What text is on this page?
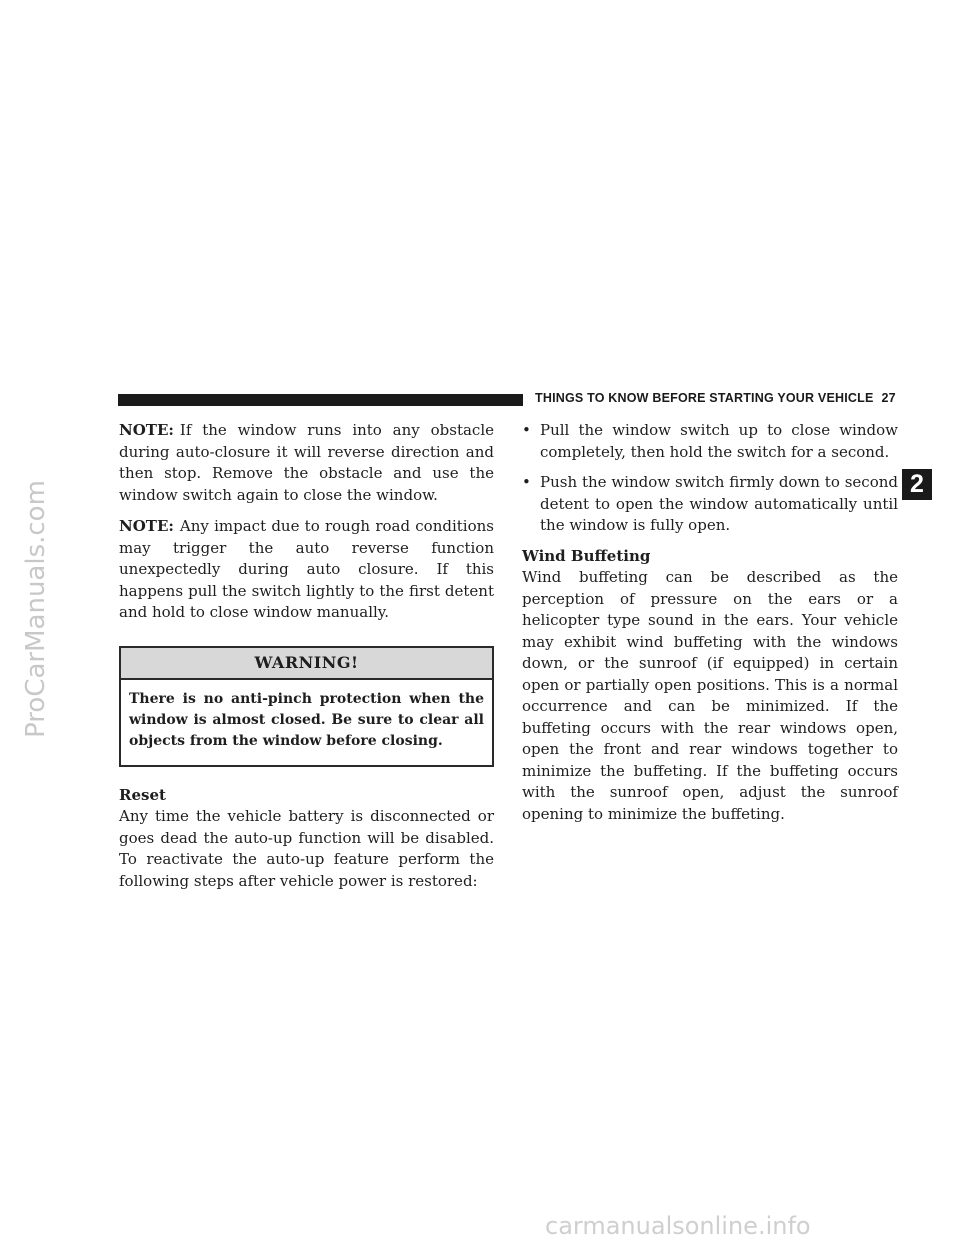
ProCarManuals.com
THINGS TO KNOW BEFORE STARTING YOUR VEHICLE 27
2

NOTE: If the window runs into any obstacle during auto-closure it will reverse direction and then stop. Remove the obstacle and use the window switch again to close the window.

NOTE: Any impact due to rough road conditions may trigger the auto reverse function unexpectedly during auto closure. If this happens pull the switch lightly to the first detent and hold to close window manually.

WARNING!
There is no anti-pinch protection when the window is almost closed. Be sure to clear all objects from the window before closing.

Reset

Any time the vehicle battery is disconnected or goes dead the auto-up function will be disabled. To reactivate the auto-up feature perform the following steps after vehicle power is restored:

• Pull the window switch up to close window completely, then hold the switch for a second.
• Push the window switch firmly down to second detent to open the window automatically until the window is fully open.

Wind Buffeting

Wind buffeting can be described as the perception of pressure on the ears or a helicopter type sound in the ears. Your vehicle may exhibit wind buffeting with the windows down, or the sunroof (if equipped) in certain open or partially open positions. This is a normal occurrence and can be minimized. If the buffeting occurs with the rear windows open, open the front and rear windows together to minimize the buffeting. If the buffeting occurs with the sunroof open, adjust the sunroof opening to minimize the buffeting.

carmanualsonline.info
